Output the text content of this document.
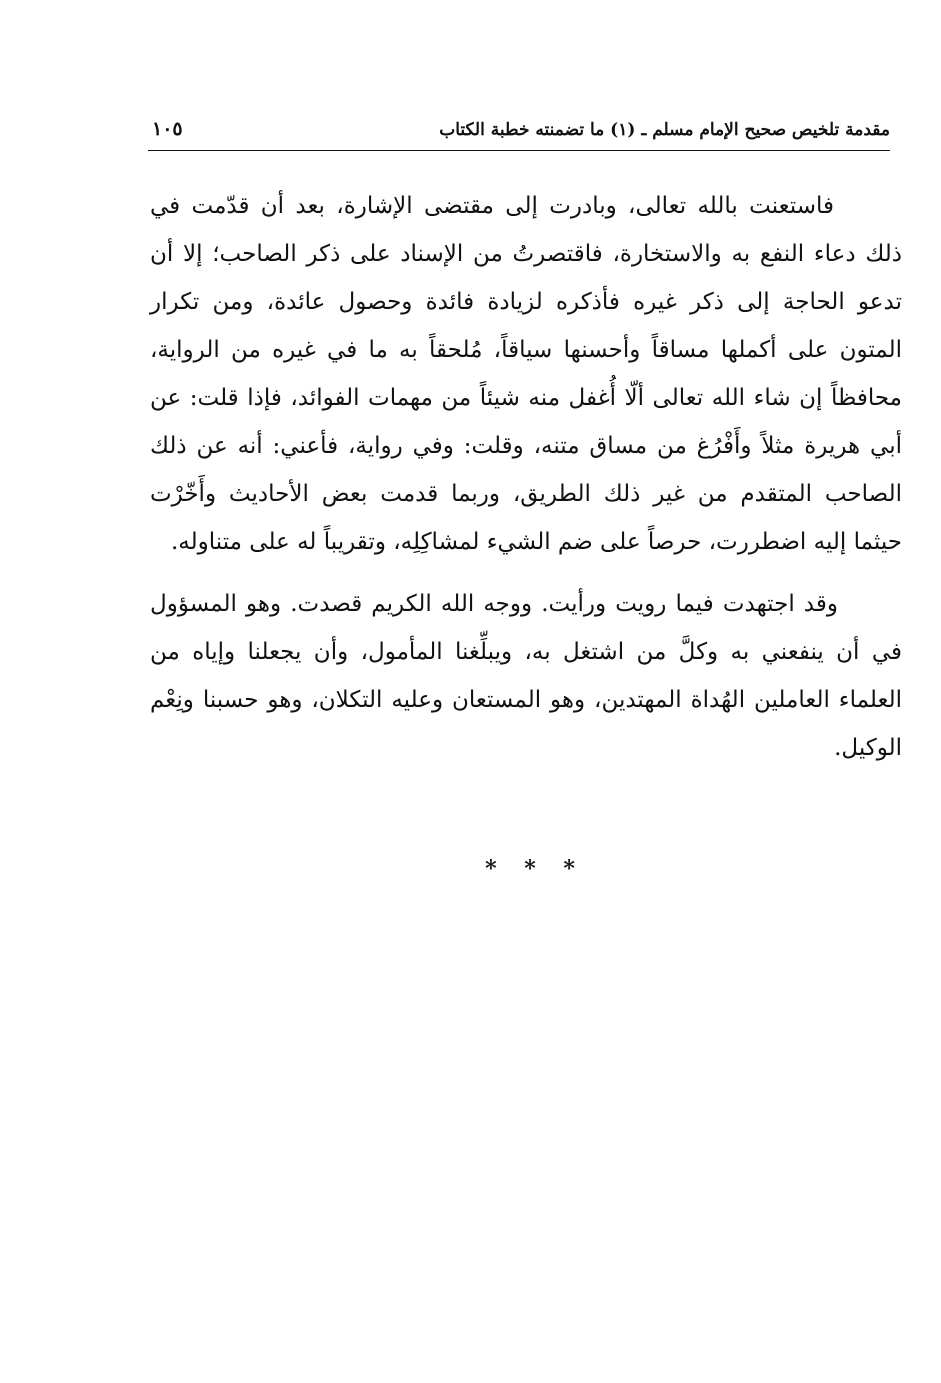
مقدمة تلخيص صحيح الإمام مسلم ـ (١) ما تضمنته خطبة الكتاب
١٠٥

فاستعنت بالله تعالى، وبادرت إلى مقتضى الإشارة، بعد أن قدّمت في ذلك دعاء النفع به والاستخارة، فاقتصرتُ من الإسناد على ذكر الصاحب؛ إلا أن تدعو الحاجة إلى ذكر غيره فأذكره لزيادة فائدة وحصول عائدة، ومن تكرار المتون على أكملها مساقاً وأحسنها سياقاً، مُلحقاً به ما في غيره من الرواية، محافظاً إن شاء الله تعالى ألّا أُغفل منه شيئاً من مهمات الفوائد، فإذا قلت: عن أبي هريرة مثلاً وأَفْرُغ من مساق متنه، وقلت: وفي رواية، فأعني: أنه عن ذلك الصاحب المتقدم من غير ذلك الطريق، وربما قدمت بعض الأحاديث وأَخّرْت حيثما إليه اضطررت، حرصاً على ضم الشيء لمشاكِلِه، وتقريباً له على متناوله.

وقد اجتهدت فيما رويت ورأيت. ووجه الله الكريم قصدت. وهو المسؤول في أن ينفعني به وكلَّ من اشتغل به، ويبلِّغنا المأمول، وأن يجعلنا وإياه من العلماء العاملين الهُداة المهتدين، وهو المستعان وعليه التكلان، وهو حسبنا ونِعْم الوكيل.

* * *
